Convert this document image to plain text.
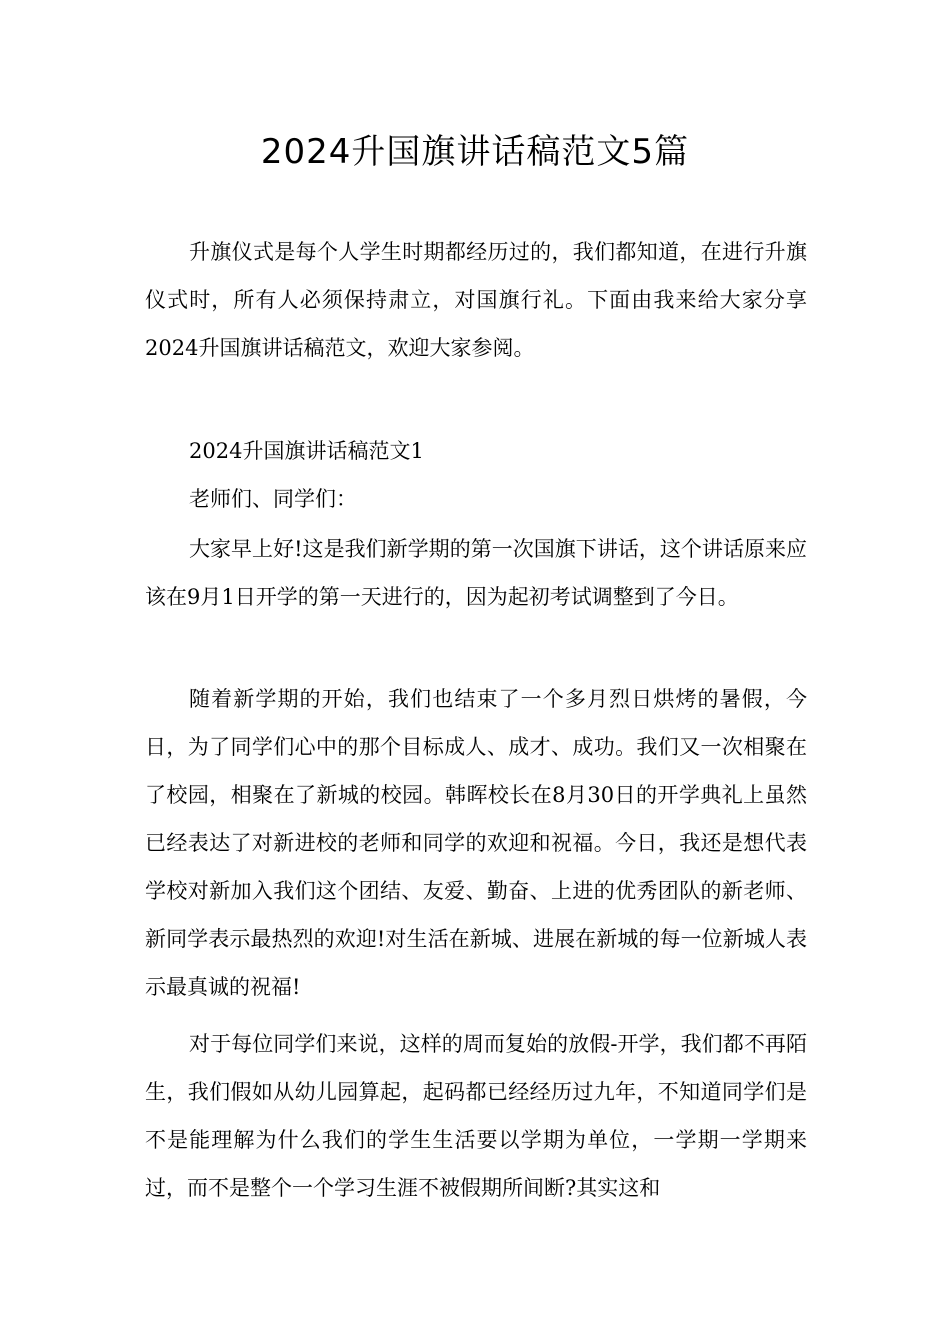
2024升国旗讲话稿范文5篇

升旗仪式是每个人学生时期都经历过的，我们都知道，在进行升旗仪式时，所有人必须保持肃立，对国旗行礼。下面由我来给大家分享2024升国旗讲话稿范文，欢迎大家参阅。

2024升国旗讲话稿范文1

老师们、同学们：

大家早上好!这是我们新学期的第一次国旗下讲话，这个讲话原来应该在9月1日开学的第一天进行的，因为起初考试调整到了今日。

随着新学期的开始，我们也结束了一个多月烈日烘烤的暑假，今日，为了同学们心中的那个目标成人、成才、成功。我们又一次相聚在了校园，相聚在了新城的校园。韩晖校长在8月30日的开学典礼上虽然已经表达了对新进校的老师和同学的欢迎和祝福。今日，我还是想代表学校对新加入我们这个团结、友爱、勤奋、上进的优秀团队的新老师、新同学表示最热烈的欢迎!对生活在新城、进展在新城的每一位新城人表示最真诚的祝福!

对于每位同学们来说，这样的周而复始的放假-开学，我们都不再陌生，我们假如从幼儿园算起，起码都已经经历过九年，不知道同学们是不是能理解为什么我们的学生生活要以学期为单位，一学期一学期来过，而不是整个一个学习生涯不被假期所间断?其实这和
